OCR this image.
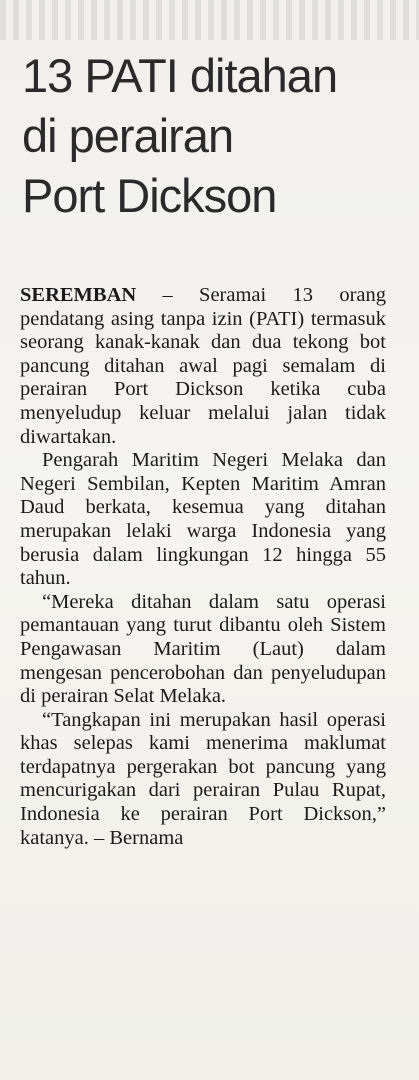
13 PATI ditahan
di perairan
Port Dickson

SEREMBAN – Seramai 13 orang pendatang asing tanpa izin (PATI) termasuk seorang kanak-kanak dan dua tekong bot pancung ditahan awal pagi semalam di perairan Port Dickson ketika cuba menyeludup keluar melalui jalan tidak diwartakan.

Pengarah Maritim Negeri Melaka dan Negeri Sembilan, Kepten Maritim Amran Daud berkata, kesemua yang ditahan merupakan lelaki warga Indonesia yang berusia dalam lingkungan 12 hingga 55 tahun.

“Mereka ditahan dalam satu operasi pemantauan yang turut dibantu oleh Sistem Pengawasan Maritim (Laut) dalam mengesan pencerobohan dan penyeludupan di perairan Selat Melaka.

“Tangkapan ini merupakan hasil operasi khas selepas kami menerima maklumat terdapatnya pergerakan bot pancung yang mencurigakan dari perairan Pulau Rupat, Indonesia ke perairan Port Dickson,” katanya. – Bernama
